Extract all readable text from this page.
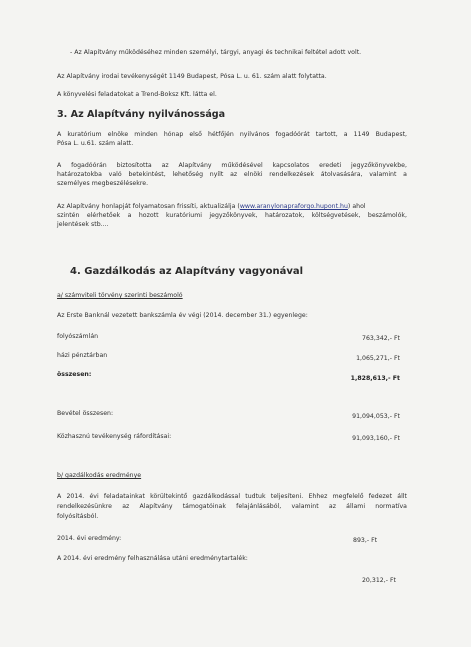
- Az Alapítvány működéséhez minden személyi, tárgyi, anyagi és technikai feltétel adott volt.
Az Alapítvány irodai tevékenységét 1149 Budapest, Pósa L. u. 61. szám alatt folytatta.
A könyvelési feladatokat a Trend-Boksz Kft. látta el.
3. Az Alapítvány nyilvánossága
A kuratórium elnöke minden hónap első hétfőjén nyilvános fogadóórát tartott, a 1149 Budapest,
Pósa L. u.61. szám alatt.
A fogadóórán biztosította az Alapítvány működésével kapcsolatos eredeti jegyzőkönyvekbe,
határozatokba való betekintést, lehetőség nyílt az elnöki rendelkezések átolvasására, valamint a
személyes megbeszélésekre.
Az Alapítvány honlapját folyamatosan frissíti, aktualizálja (www.aranylonapraforgo.hupont.hu) ahol
szintén elérhetőek a hozott kuratóriumi jegyzőkönyvek, határozatok, költségvetések, beszámolók,
jelentések stb....
4. Gazdálkodás az Alapítvány vagyonával
a/ számviteli törvény szerinti beszámoló
Az Erste Banknál vezetett bankszámla év végi (2014. december 31.) egyenlege:
folyószámlán	763,342,- Ft
házi pénztárban	1,065,271,- Ft
összesen:
1,828,613,- Ft
Bevétel összesen:	91,094,053,- Ft
Közhasznú tevékenység ráfordításai:	91,093,160,- Ft
b/ gazdálkodás eredménye
A 2014. évi feladatainkat körültekintő gazdálkodással tudtuk teljesíteni. Ehhez megfelelő fedezet állt
rendelkezésünkre az Alapítvány támogatóinak felajánlásából, valamint az állami normatíva
folyósításból.
2014. évi eredmény:	893,- Ft
A 2014. évi eredmény felhasználása utáni eredménytartalék:
20,312,- Ft
